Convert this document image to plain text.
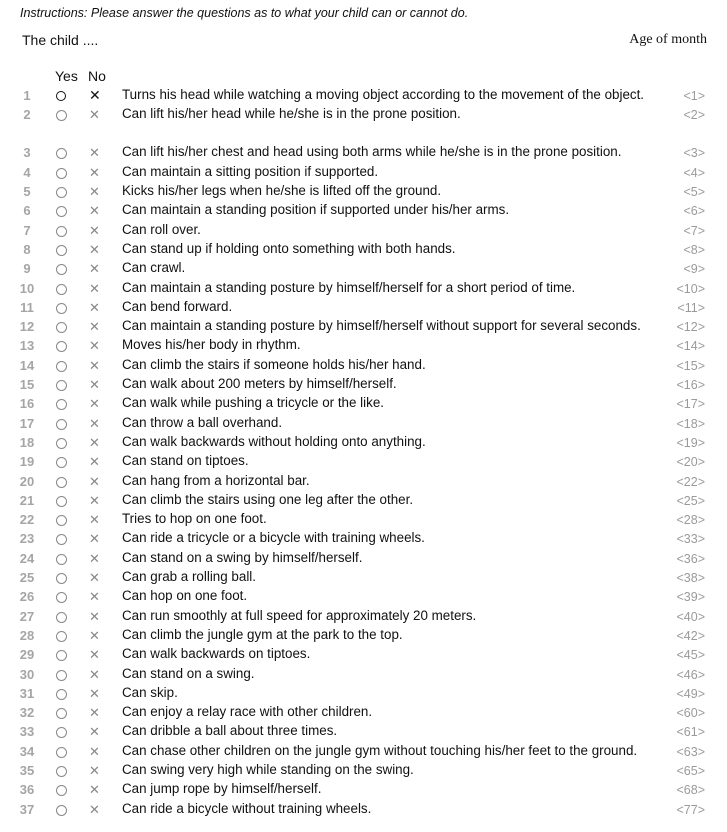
Instructions: Please answer the questions as to what your child can or cannot do.
The child ....	Age of month
Yes No
1	✕ Turns his head while watching a moving object according to the movement of the object.	<1>
2	✕ Can lift his/her head while he/she is in the prone position.	<2>
3	✕ Can lift his/her chest and head using both arms while he/she is in the prone position.	<3>
4	✕ Can maintain a sitting position if supported.	<4>
5	✕ Kicks his/her legs when he/she is lifted off the ground.	<5>
6	✕ Can maintain a standing position if supported under his/her arms.	<6>
7	✕ Can roll over.	<7>
8	✕ Can stand up if holding onto something with both hands.	<8>
9	✕ Can crawl.	<9>
10	✕ Can maintain a standing posture by himself/herself for a short period of time.	<10>
11	✕ Can bend forward.	<11>
12	✕ Can maintain a standing posture by himself/herself without support for several seconds.	<12>
13	✕ Moves his/her body in rhythm.	<14>
14	✕ Can climb the stairs if someone holds his/her hand.	<15>
15	✕ Can walk about 200 meters by himself/herself.	<16>
16	✕ Can walk while pushing a tricycle or the like.	<17>
17	✕ Can throw a ball overhand.	<18>
18	✕ Can walk backwards without holding onto anything.	<19>
19	✕ Can stand on tiptoes.	<20>
20	✕ Can hang from a horizontal bar.	<22>
21	✕ Can climb the stairs using one leg after the other.	<25>
22	✕ Tries to hop on one foot.	<28>
23	✕ Can ride a tricycle or a bicycle with training wheels.	<33>
24	✕ Can stand on a swing by himself/herself.	<36>
25	✕ Can grab a rolling ball.	<38>
26	✕ Can hop on one foot.	<39>
27	✕ Can run smoothly at full speed for approximately 20 meters.	<40>
28	✕ Can climb the jungle gym at the park to the top.	<42>
29	✕ Can walk backwards on tiptoes.	<45>
30	✕ Can stand on a swing.	<46>
31	✕ Can skip.	<49>
32	✕ Can enjoy a relay race with other children.	<60>
33	✕ Can dribble a ball about three times.	<61>
34	✕ Can chase other children on the jungle gym without touching his/her feet to the ground.	<63>
35	✕ Can swing very high while standing on the swing.	<65>
36	✕ Can jump rope by himself/herself.	<68>
37	✕ Can ride a bicycle without training wheels.	<77>
